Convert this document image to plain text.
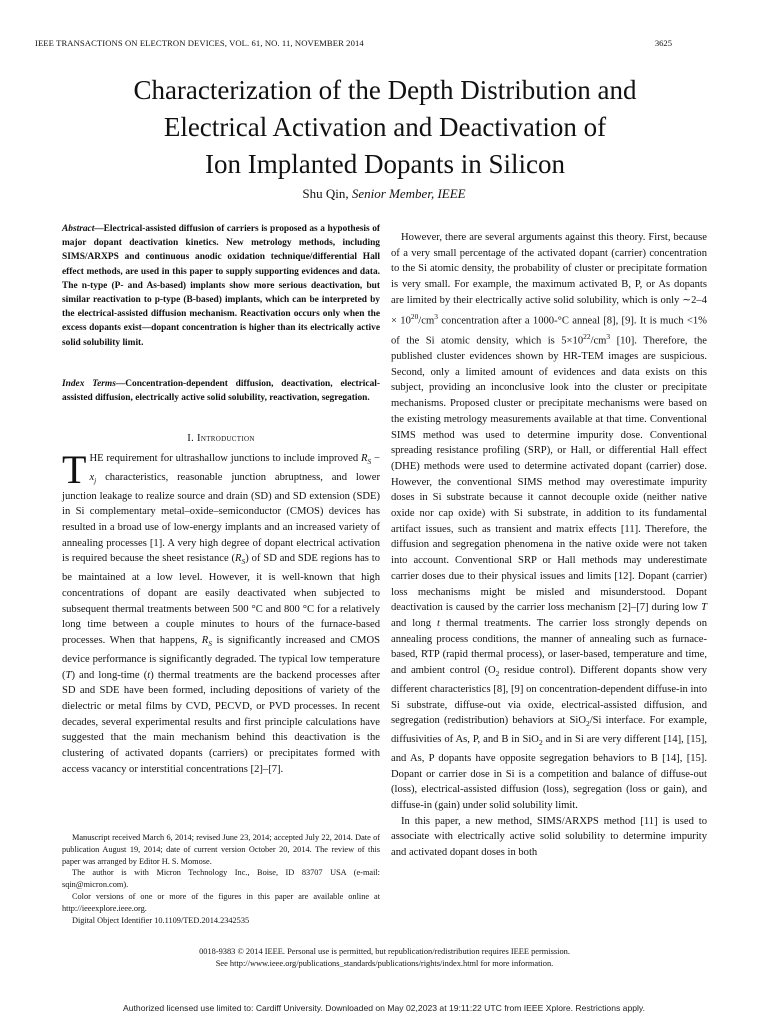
IEEE TRANSACTIONS ON ELECTRON DEVICES, VOL. 61, NO. 11, NOVEMBER 2014	3625
Characterization of the Depth Distribution and
Electrical Activation and Deactivation of
Ion Implanted Dopants in Silicon
Shu Qin, Senior Member, IEEE

Abstract—Electrical-assisted diffusion of carriers is proposed as a hypothesis of major dopant deactivation kinetics. New metrology methods, including SIMS/ARXPS and continuous anodic oxidation technique/differential Hall effect methods, are used in this paper to supply supporting evidences and data. The n-type (P- and As-based) implants show more serious deactivation, but similar reactivation to p-type (B-based) implants, which can be interpreted by the electrical-assisted diffusion mechanism. Reactivation occurs only when the excess dopants exist—dopant concentration is higher than its electrically active solid solubility limit.

Index Terms—Concentration-dependent diffusion, deactivation, electrical-assisted diffusion, electrically active solid solubility, reactivation, segregation.

I. Introduction

THE requirement for ultrashallow junctions to include improved $R_S - x_j$ characteristics, reasonable junction abruptness, and lower junction leakage to realize source and drain (SD) and SD extension (SDE) in Si complementary metal–oxide–semiconductor (CMOS) devices has resulted in a broad use of low-energy implants and an increased variety of annealing processes [1]. A very high degree of dopant electrical activation is required because the sheet resistance $(R_S)$ of SD and SDE regions has to be maintained at a low level. However, it is well-known that high concentrations of dopant are easily deactivated when subjected to subsequent thermal treatments between 500 °C and 800 °C for a relatively long time between a couple minutes to hours of the furnace-based processes. When that happens, $R_S$ is significantly increased and CMOS device performance is significantly degraded. The typical low temperature (T) and long-time (t) thermal treatments are the backend processes after SD and SDE have been formed, including depositions of variety of the dielectric or metal films by CVD, PECVD, or PVD processes. In recent decades, several experimental results and first principle calculations have suggested that the main mechanism behind this deactivation is the clustering of activated dopants (carriers) or precipitates formed with access vacancy or interstitial concentrations [2]–[7].

Manuscript received March 6, 2014; revised June 23, 2014; accepted July 22, 2014. Date of publication August 19, 2014; date of current version October 20, 2014. The review of this paper was arranged by Editor H. S. Momose.

The author is with Micron Technology Inc., Boise, ID 83707 USA (e-mail: sqin@micron.com).

Color versions of one or more of the figures in this paper are available online at http://ieeexplore.ieee.org.

Digital Object Identifier 10.1109/TED.2014.2342535

However, there are several arguments against this theory. First, because of a very small percentage of the activated dopant (carrier) concentration to the Si atomic density, the probability of cluster or precipitate formation is very small. For example, the maximum activated B, P, or As dopants are limited by their electrically active solid solubility, which is only ∼2–4 × $10^{20}/cm^3$ concentration after a 1000-°C anneal [8], [9]. It is much <1% of the Si atomic density, which is $5\times 10^{22}/cm^3$ [10]. Therefore, the published cluster evidences shown by HR-TEM images are suspicious. Second, only a limited amount of evidences and data exists on this subject, providing an inconclusive look into the cluster or precipitate mechanisms. Proposed cluster or precipitate mechanisms were based on the existing metrology measurements available at that time. Conventional SIMS method was used to determine impurity dose. Conventional spreading resistance profiling (SRP), or Hall, or differential Hall effect (DHE) methods were used to determine activated dopant (carrier) dose. However, the conventional SIMS method may overestimate impurity doses in Si substrate because it cannot decouple oxide (neither native oxide nor cap oxide) with Si substrate, in addition to its fundamental artifact issues, such as transient and matrix effects [11]. Therefore, the diffusion and segregation phenomena in the native oxide were not taken into account. Conventional SRP or Hall methods may underestimate carrier doses due to their physical issues and limits [12]. Dopant (carrier) loss mechanisms might be misled and misunderstood. Dopant deactivation is caused by the carrier loss mechanism [2]–[7] during low T and long t thermal treatments. The carrier loss strongly depends on annealing process conditions, the manner of annealing such as furnace-based, RTP (rapid thermal process), or laser-based, temperature and time, and ambient control ($O_2$ residue control). Different dopants show very different characteristics [8], [9] on concentration-dependent diffuse-in into Si substrate, diffuse-out via oxide, electrical-assisted diffusion, and segregation (redistribution) behaviors at SiO$_2$/Si interface. For example, diffusivities of As, P, and B in SiO$_2$ and in Si are very different [14], [15], and As, P dopants have opposite segregation behaviors to B [14], [15]. Dopant or carrier dose in Si is a competition and balance of diffuse-out (loss), electrical-assisted diffusion (loss), segregation (loss or gain), and diffuse-in (gain) under solid solubility limit.

In this paper, a new method, SIMS/ARXPS method [11] is used to associate with electrically active solid solubility to determine impurity and activated dopant doses in both

0018-9383 © 2014 IEEE. Personal use is permitted, but republication/redistribution requires IEEE permission.
See http://www.ieee.org/publications_standards/publications/rights/index.html for more information.
Authorized licensed use limited to: Cardiff University. Downloaded on May 02,2023 at 19:11:22 UTC from IEEE Xplore. Restrictions apply.
